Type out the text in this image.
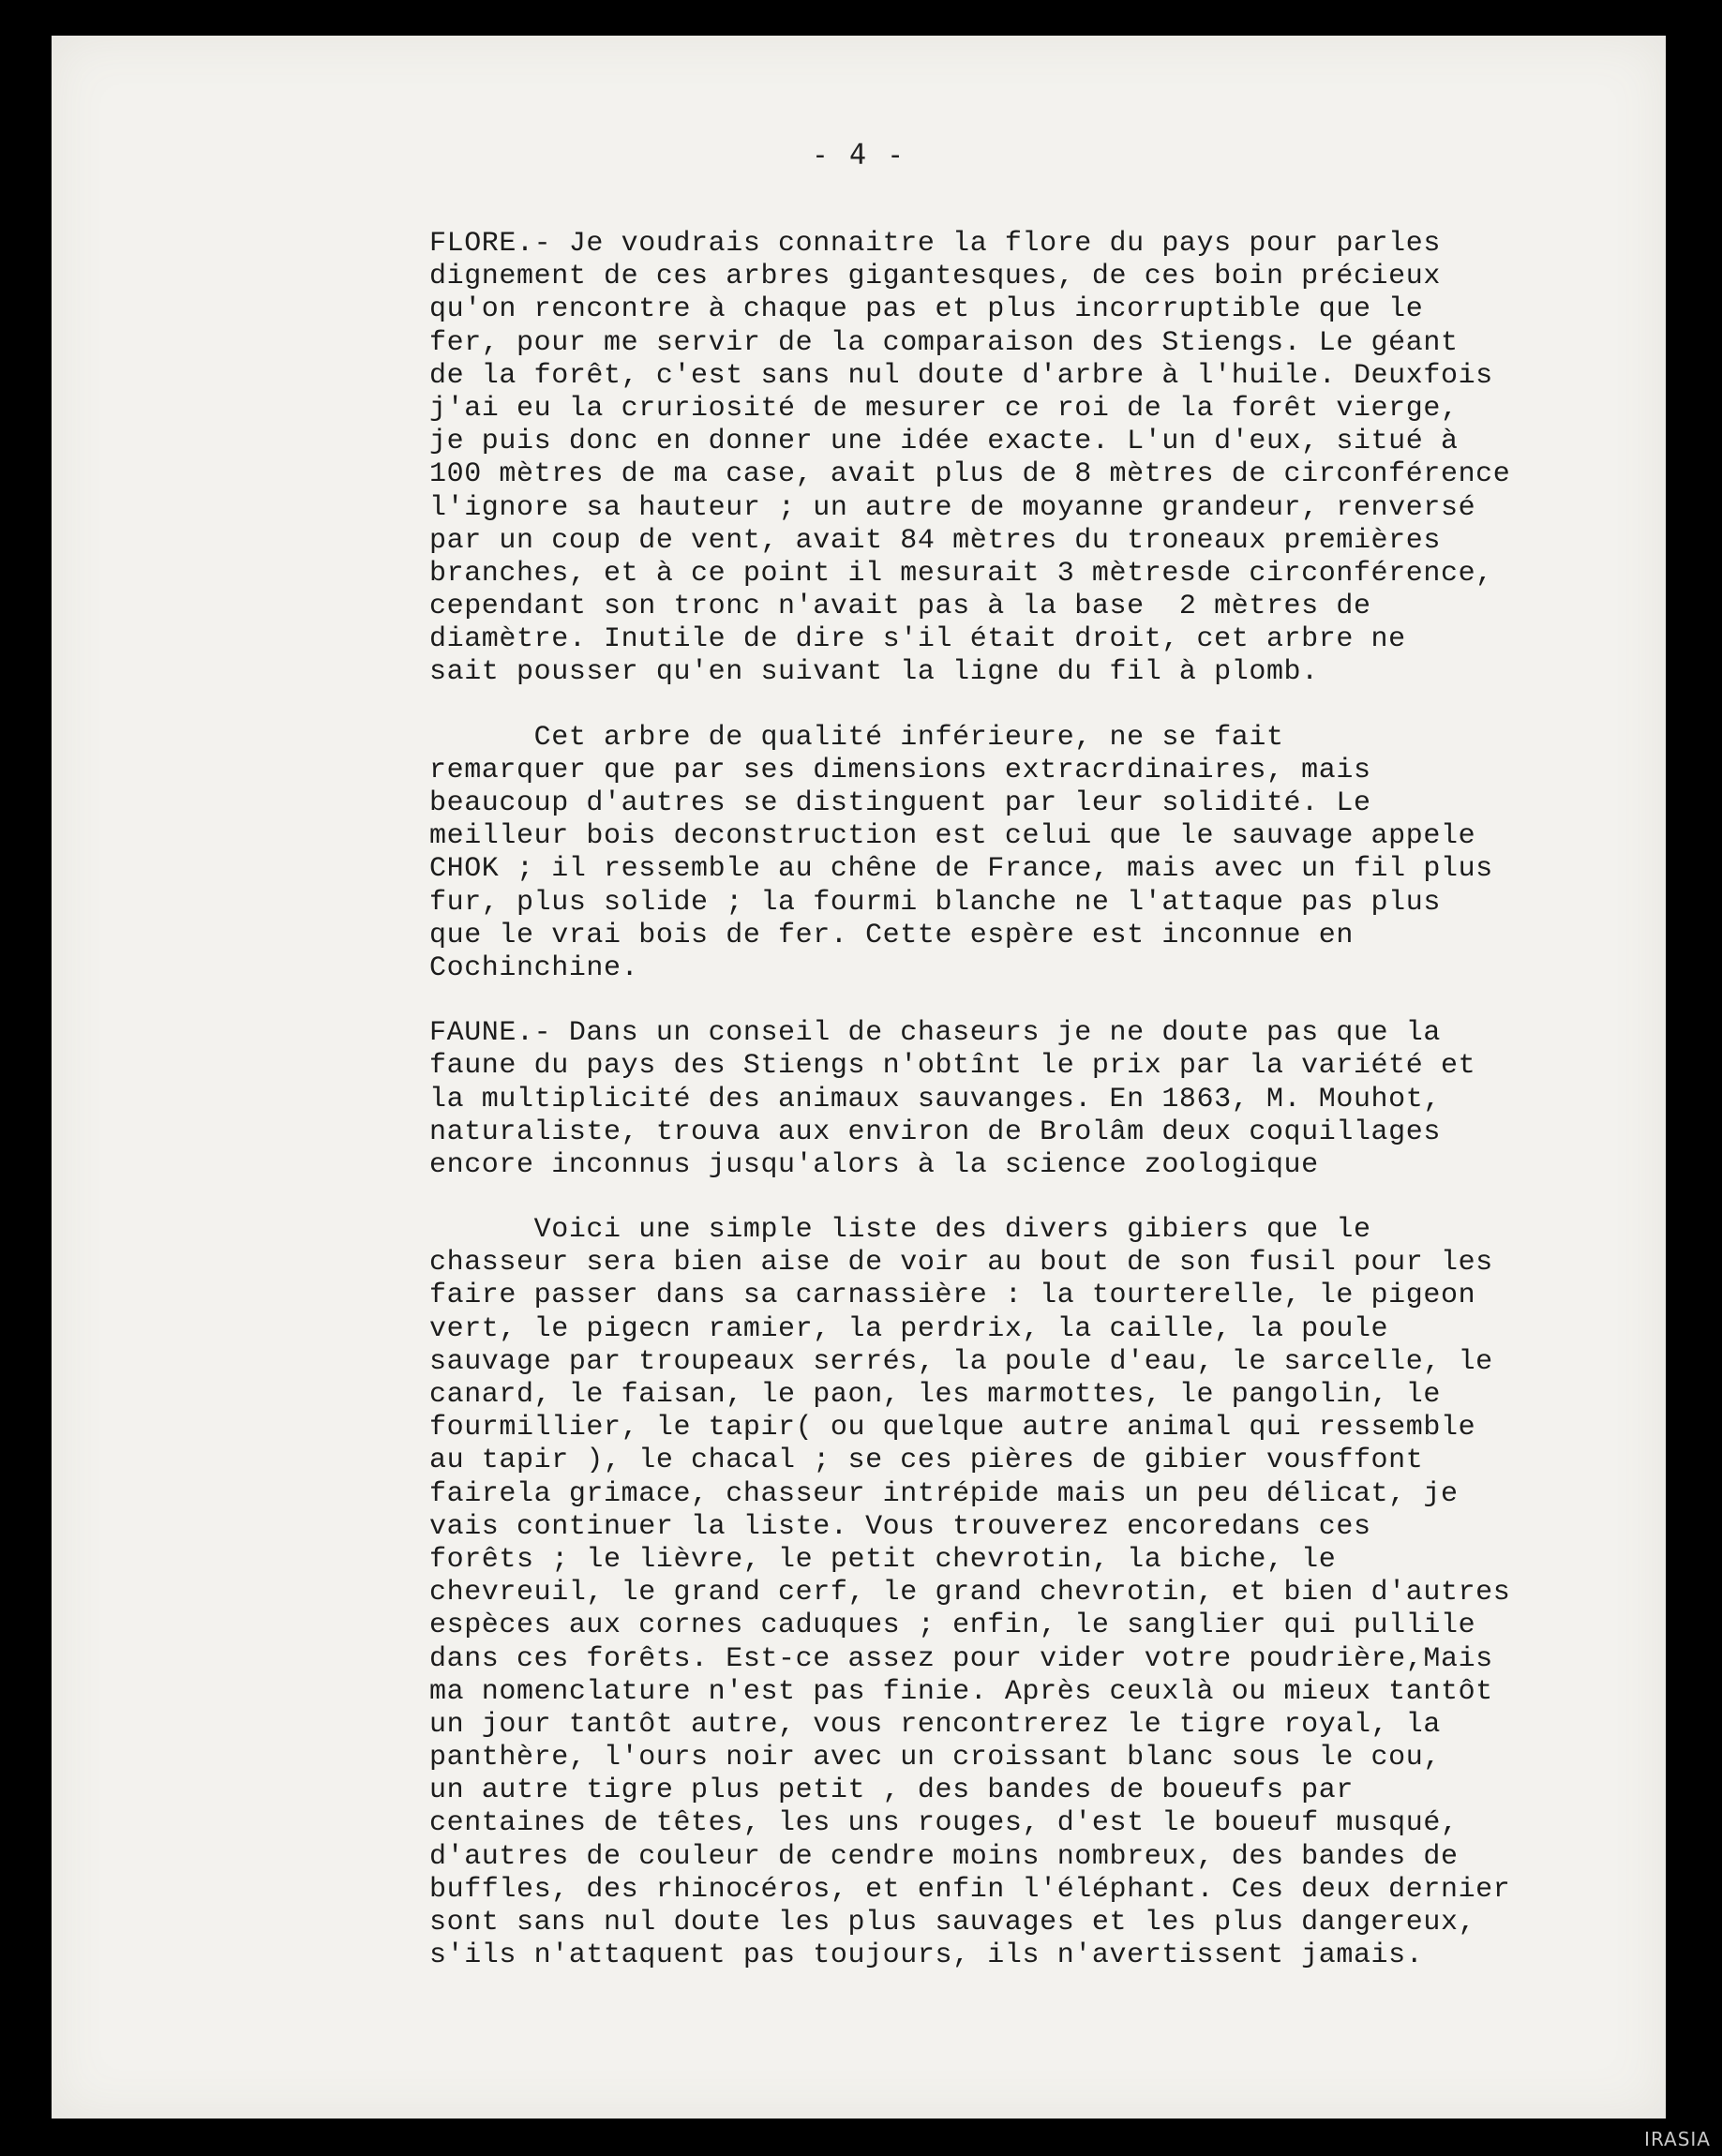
- 4 -
FLORE.- Je voudrais connaitre la flore du pays pour parles
dignement de ces arbres gigantesques, de ces boin précieux
qu'on rencontre à chaque pas et plus incorruptible que le
fer, pour me servir de la comparaison des Stiengs. Le géant
de la forêt, c'est sans nul doute d'arbre à l'huile. Deuxfois
j'ai eu la cruriosité de mesurer ce roi de la forêt vierge,
je puis donc en donner une idée exacte. L'un d'eux, situé à
100 mètres de ma case, avait plus de 8 mètres de circonférence
l'ignore sa hauteur ; un autre de moyanne grandeur, renversé
par un coup de vent, avait 84 mètres du troneaux premières
branches, et à ce point il mesurait 3 mètresde circonférence,
cependant son tronc n'avait pas à la base  2 mètres de
diamètre. Inutile de dire s'il était droit, cet arbre ne
sait pousser qu'en suivant la ligne du fil à plomb.
Cet arbre de qualité inférieure, ne se fait
remarquer que par ses dimensions extracrdinaires, mais
beaucoup d'autres se distinguent par leur solidité. Le
meilleur bois deconstruction est celui que le sauvage appele
CHOK ; il ressemble au chêne de France, mais avec un fil plus
fur, plus solide ; la fourmi blanche ne l'attaque pas plus
que le vrai bois de fer. Cette espère est inconnue en
Cochinchine.
FAUNE.- Dans un conseil de chaseurs je ne doute pas que la
faune du pays des Stiengs n'obtînt le prix par la variété et
la multiplicité des animaux sauvanges. En 1863, M. Mouhot,
naturaliste, trouva aux environ de Brolâm deux coquillages
encore inconnus jusqu'alors à la science zoologique
Voici une simple liste des divers gibiers que le
chasseur sera bien aise de voir au bout de son fusil pour les
faire passer dans sa carnassière : la tourterelle, le pigeon
vert, le pigecn ramier, la perdrix, la caille, la poule
sauvage par troupeaux serrés, la poule d'eau, le sarcelle, le
canard, le faisan, le paon, les marmottes, le pangolin, le
fourmillier, le tapir( ou quelque autre animal qui ressemble
au tapir ), le chacal ; se ces pières de gibier vousffont
fairela grimace, chasseur intrépide mais un peu délicat, je
vais continuer la liste. Vous trouverez encoredans ces
forêts ; le lièvre, le petit chevrotin, la biche, le
chevreuil, le grand cerf, le grand chevrotin, et bien d'autres
espèces aux cornes caduques ; enfin, le sanglier qui pullile
dans ces forêts. Est-ce assez pour vider votre poudrière,Mais
ma nomenclature n'est pas finie. Après ceuxlà ou mieux tantôt
un jour tantôt autre, vous rencontrerez le tigre royal, la
panthère, l'ours noir avec un croissant blanc sous le cou,
un autre tigre plus petit , des bandes de boueufs par
centaines de têtes, les uns rouges, d'est le boueuf musqué,
d'autres de couleur de cendre moins nombreux, des bandes de
buffles, des rhinocéros, et enfin l'éléphant. Ces deux dernier
sont sans nul doute les plus sauvages et les plus dangereux,
s'ils n'attaquent pas toujours, ils n'avertissent jamais.
IRASIA
